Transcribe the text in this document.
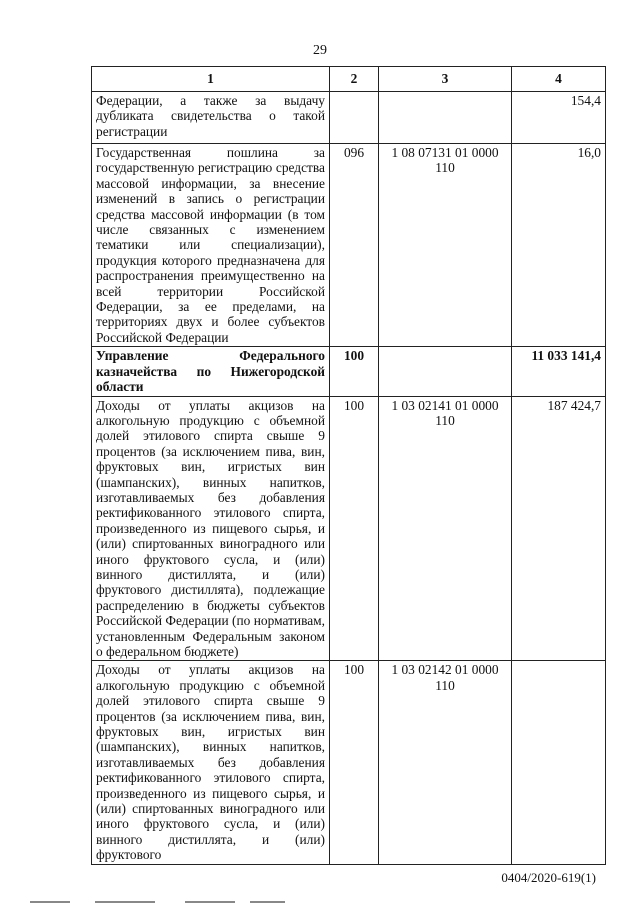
29
1	2	3	4
Федерации, а также за выдачу дубликата свидетельства о такой регистрации			154,4
Государственная пошлина за государственную регистрацию средства массовой информации, за внесение изменений в запись о регистрации средства массовой информации (в том числе связанных с изменением тематики или специализации), продукция которого предназначена для распространения преимущественно на всей территории Российской Федерации, за ее пределами, на территориях двух и более субъектов Российской Федерации	096	1 08 07131 01 0000 110	16,0
Управление Федерального казначейства по Нижегородской области	100		11 033 141,4
Доходы от уплаты акцизов на алкогольную продукцию с объемной долей этилового спирта свыше 9 процентов (за исключением пива, вин, фруктовых вин, игристых вин (шампанских), винных напитков, изготавливаемых без добавления ректификованного этилового спирта, произведенного из пищевого сырья, и (или) спиртованных виноградного или иного фруктового сусла, и (или) винного дистиллята, и (или) фруктового дистиллята), подлежащие распределению в бюджеты субъектов Российской Федерации (по нормативам, установленным Федеральным законом о федеральном бюджете)	100	1 03 02141 01 0000 110	187 424,7
Доходы от уплаты акцизов на алкогольную продукцию с объемной долей этилового спирта свыше 9 процентов (за исключением пива, вин, фруктовых вин, игристых вин (шампанских), винных напитков, изготавливаемых без добавления ректификованного этилового спирта, произведенного из пищевого сырья, и (или) спиртованных виноградного или иного фруктового сусла, и (или) винного дистиллята, и (или) фруктового	100	1 03 02142 01 0000 110	
0404/2020-619(1)
